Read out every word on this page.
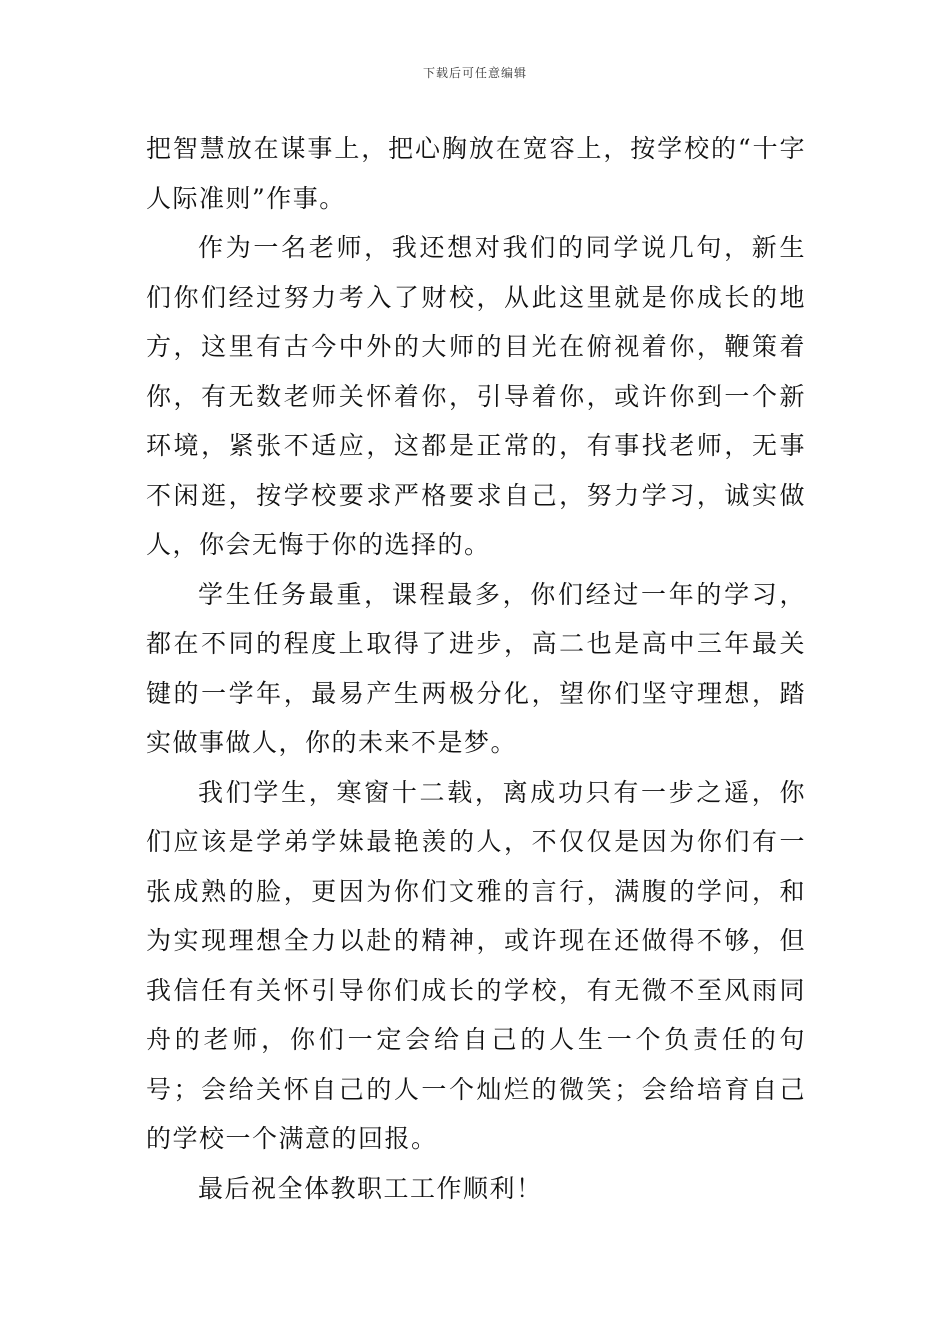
下载后可任意编辑

把智慧放在谋事上，把心胸放在宽容上，按学校的“十字人际准则”作事。

作为一名老师，我还想对我们的同学说几句，新生们你们经过努力考入了财校，从此这里就是你成长的地方，这里有古今中外的大师的目光在俯视着你，鞭策着你，有无数老师关怀着你，引导着你，或许你到一个新环境，紧张不适应，这都是正常的，有事找老师，无事不闲逛，按学校要求严格要求自己，努力学习，诚实做人，你会无悔于你的选择的。

学生任务最重，课程最多，你们经过一年的学习，都在不同的程度上取得了进步，高二也是高中三年最关键的一学年，最易产生两极分化，望你们坚守理想，踏实做事做人，你的未来不是梦。

我们学生，寒窗十二载，离成功只有一步之遥，你们应该是学弟学妹最艳羡的人，不仅仅是因为你们有一张成熟的脸，更因为你们文雅的言行，满腹的学问，和为实现理想全力以赴的精神，或许现在还做得不够，但我信任有关怀引导你们成长的学校，有无微不至风雨同舟的老师，你们一定会给自己的人生一个负责任的句号；会给关怀自己的人一个灿烂的微笑；会给培育自己的学校一个满意的回报。

最后祝全体教职工工作顺利！
